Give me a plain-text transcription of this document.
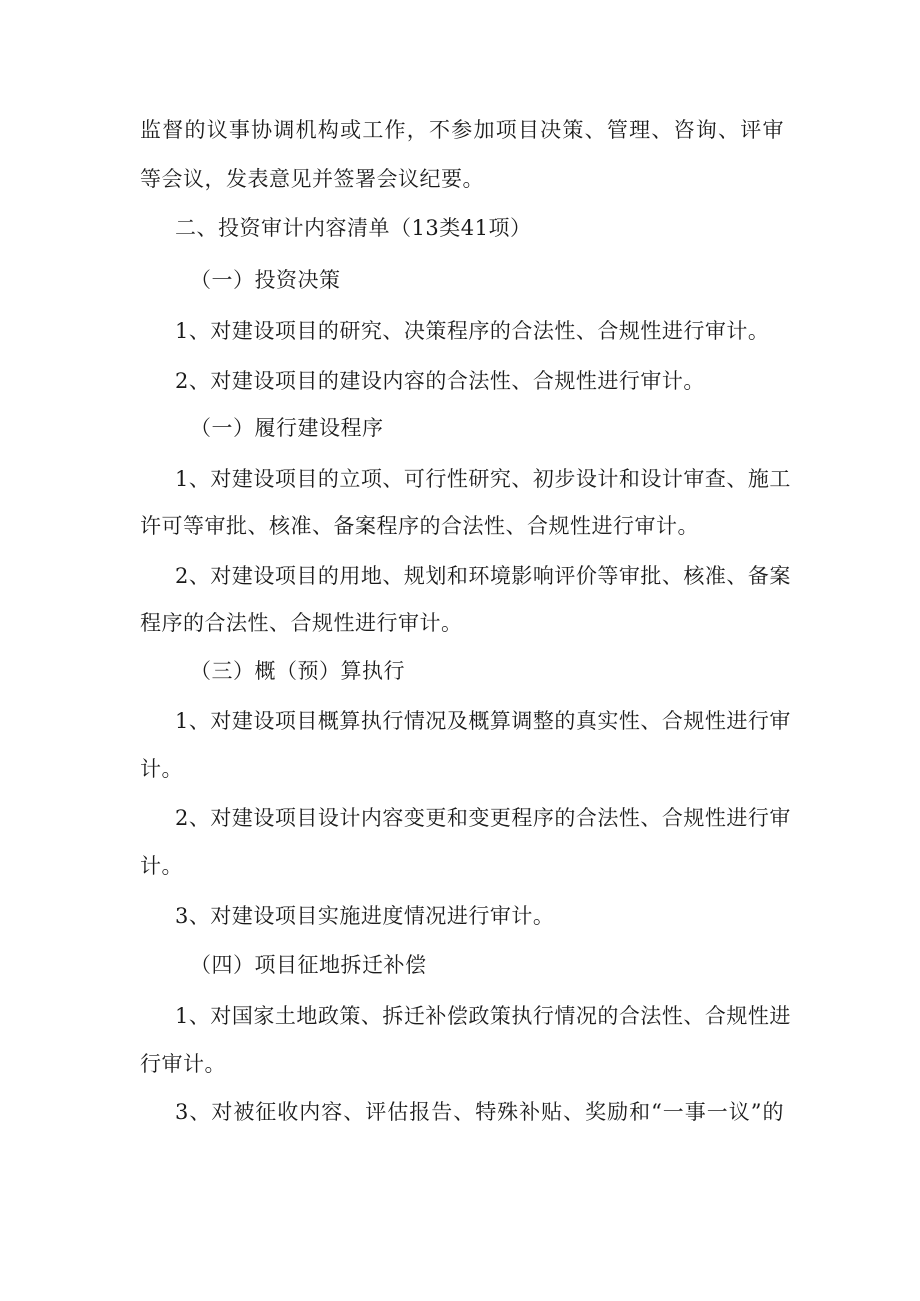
监督的议事协调机构或工作，不参加项目决策、管理、咨询、评审
等会议，发表意见并签署会议纪要。
二、投资审计内容清单（13类41项）
（一）投资决策
1、对建设项目的研究、决策程序的合法性、合规性进行审计。
2、对建设项目的建设内容的合法性、合规性进行审计。
（一）履行建设程序
1、对建设项目的立项、可行性研究、初步设计和设计审查、施工
许可等审批、核准、备案程序的合法性、合规性进行审计。
2、对建设项目的用地、规划和环境影响评价等审批、核准、备案
程序的合法性、合规性进行审计。
（三）概（预）算执行
1、对建设项目概算执行情况及概算调整的真实性、合规性进行审
计。
2、对建设项目设计内容变更和变更程序的合法性、合规性进行审
计。
3、对建设项目实施进度情况进行审计。
（四）项目征地拆迁补偿
1、对国家土地政策、拆迁补偿政策执行情况的合法性、合规性进
行审计。
3、对被征收内容、评估报告、特殊补贴、奖励和“一事一议”的
